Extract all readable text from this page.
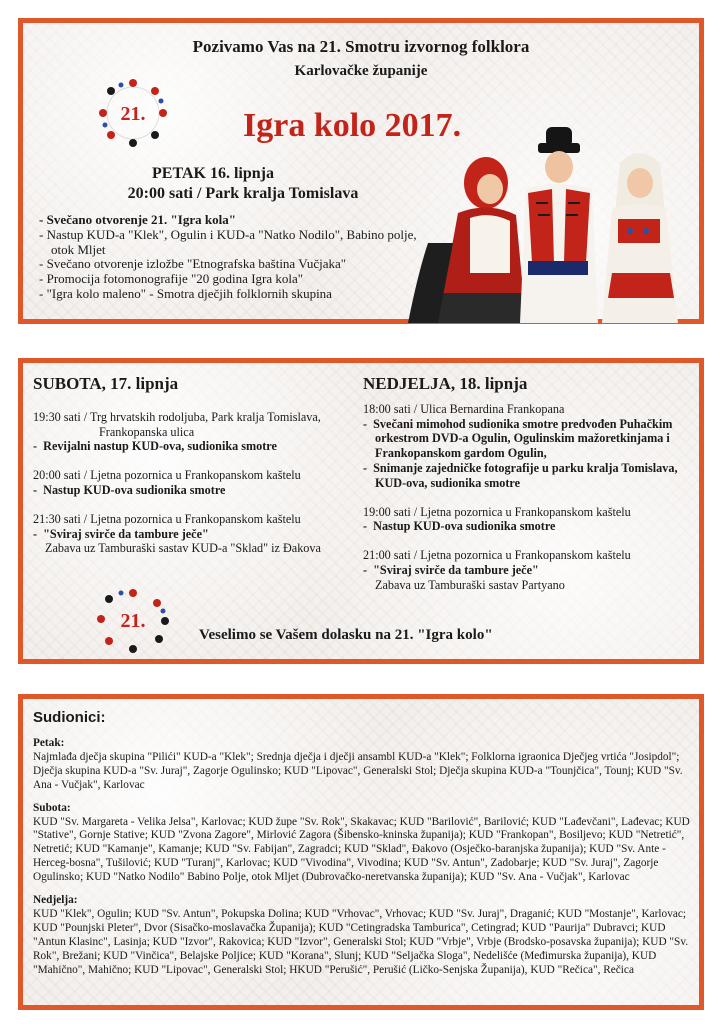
Pozivamo Vas na 21. Smotru izvornog folklora
Karlovačke županije
21.	Igra kolo 2017.
PETAK 16. lipnja
20:00 sati / Park kralja Tomislava
- Svečano otvorenje 21. "Igra kola"
- Nastup KUD-a "Klek", Ogulin i KUD-a "Natko Nodilo", Babino polje, otok Mljet
- Svečano otvorenje izložbe "Etnografska baština Vučjaka"
- Promocija fotomonografije "20 godina Igra kola"
- "Igra kolo maleno" - Smotra dječjih folklornih skupina
SUBOTA, 17. lipnja
19:30 sati / Trg hrvatskih rodoljuba, Park kralja Tomislava,
Frankopanska ulica
-  Revijalni nastup KUD-ova, sudionika smotre
20:00 sati / Ljetna pozornica u Frankopanskom kaštelu
-  Nastup KUD-ova sudionika smotre
21:30 sati / Ljetna pozornica u Frankopanskom kaštelu
-  "Sviraj svirče da tambure ječe"
Zabava uz Tamburaški sastav KUD-a "Sklad" iz Đakova
NEDJELJA, 18. lipnja
18:00 sati / Ulica Bernardina Frankopana
-  Svečani mimohod sudionika smotre predvođen Puhačkim orkestrom DVD-a Ogulin, Ogulinskim mažoretkinjama i Frankopanskom gardom Ogulin,
-  Snimanje zajedničke fotografije u parku kralja Tomislava, KUD-ova, sudionika smotre
19:00 sati / Ljetna pozornica u Frankopanskom kaštelu
-  Nastup KUD-ova sudionika smotre
21:00 sati / Ljetna pozornica u Frankopanskom kaštelu
-  "Sviraj svirče da tambure ječe"
Zabava uz Tamburaški sastav Partyano
21.
Veselimo se Vašem dolasku na 21. "Igra kolo"
Sudionici:
Petak:
Najmlađa dječja skupina "Pilići" KUD-a "Klek"; Srednja dječja i dječji ansambl KUD-a "Klek"; Folklorna igraonica Dječjeg vrtića "Josipdol"; Dječja skupina KUD-a "Sv. Juraj", Zagorje Ogulinsko; KUD "Lipovac", Generalski Stol; Dječja skupina KUD-a "Tounjčica", Tounj; KUD "Sv. Ana - Vučjak", Karlovac
Subota:
KUD "Sv. Margareta - Velika Jelsa", Karlovac; KUD župe "Sv. Rok", Skakavac; KUD "Barilović", Barilović; KUD "Lađevčani", Lađevac; KUD "Stative", Gornje Stative; KUD "Zvona Zagore", Mirlović Zagora (Šibensko-kninska županija); KUD "Frankopan", Bosiljevo; KUD "Netretić", Netretić; KUD "Kamanje", Kamanje; KUD "Sv. Fabijan", Zagradci; KUD "Sklad", Đakovo (Osječko-baranjska županija); KUD "Sv. Ante - Herceg-bosna", Tušilović; KUD "Turanj", Karlovac; KUD "Vivodina", Vivodina; KUD "Sv. Antun", Zadobarje; KUD "Sv. Juraj", Zagorje Ogulinsko; KUD "Natko Nodilo" Babino Polje, otok Mljet (Dubrovačko-neretvanska županija); KUD "Sv. Ana - Vučjak", Karlovac
Nedjelja:
KUD "Klek", Ogulin; KUD "Sv. Antun", Pokupska Dolina; KUD "Vrhovac", Vrhovac; KUD "Sv. Juraj", Draganić; KUD "Mostanje", Karlovac; KUD "Pounjski Pleter", Dvor (Sisačko-moslavačka Županija); KUD "Cetingradska Tamburica", Cetingrad; KUD "Paurija" Dubravci; KUD "Antun Klasinc", Lasinja; KUD "Izvor", Rakovica; KUD "Izvor", Generalski Stol; KUD "Vrbje", Vrbje (Brodsko-posavska županija); KUD "Sv. Rok", Brežani; KUD "Vinčica", Belajske Poljice; KUD "Korana", Slunj; KUD "Seljačka Sloga", Nedelišće (Međimurska županija), KUD "Mahično", Mahično; KUD "Lipovac", Generalski Stol; HKUD "Perušić", Perušić (Ličko-Senjska Županija), KUD "Rečica", Rečica
